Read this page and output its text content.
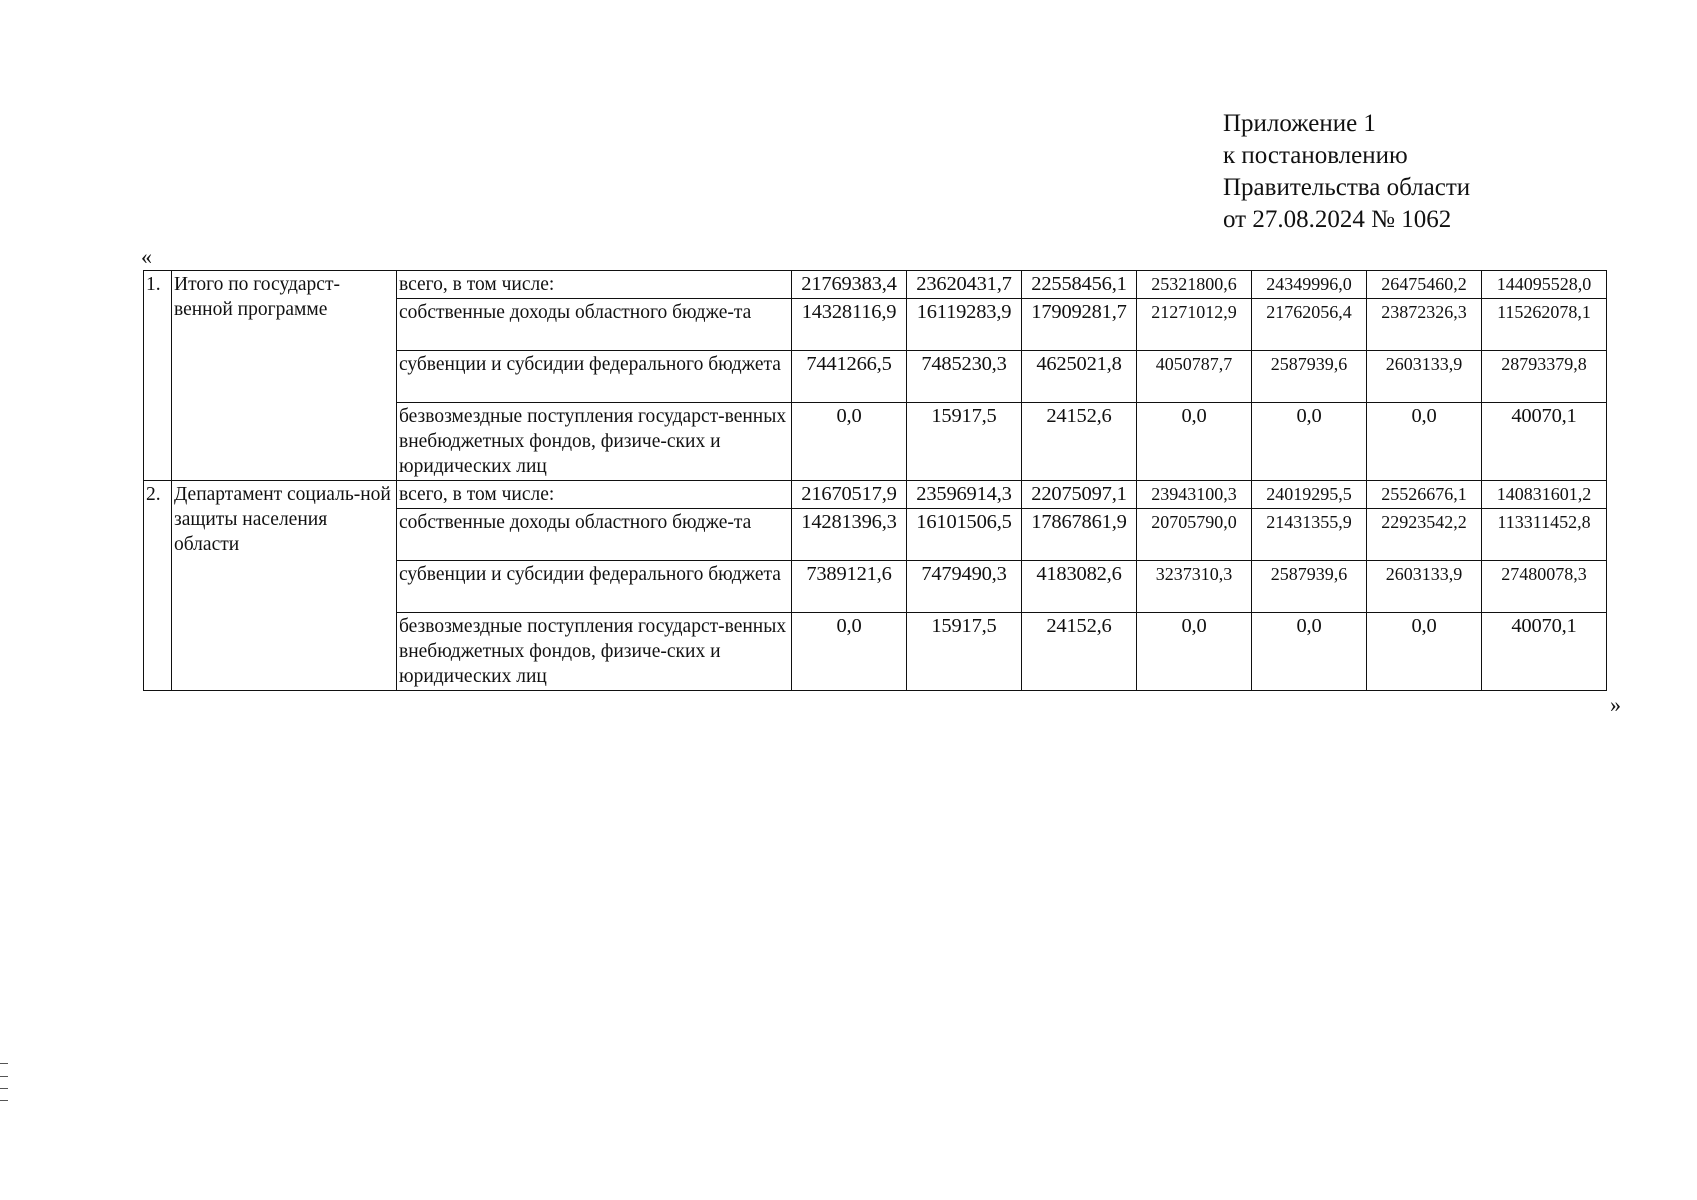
Приложение 1
к постановлению
Правительства области
от 27.08.2024 № 1062
«
1.	Итого по государст-венной программе	всего, в том числе:	21769383,4	23620431,7	22558456,1	25321800,6	24349996,0	26475460,2	144095528,0
		собственные доходы областного бюдже-та	14328116,9	16119283,9	17909281,7	21271012,9	21762056,4	23872326,3	115262078,1
		субвенции и субсидии федерального бюджета	7441266,5	7485230,3	4625021,8	4050787,7	2587939,6	2603133,9	28793379,8
		безвозмездные поступления государст-венных внебюджетных фондов, физиче-ских и юридических лиц	0,0	15917,5	24152,6	0,0	0,0	0,0	40070,1
2.	Департамент социаль-ной защиты населения области	всего, в том числе:	21670517,9	23596914,3	22075097,1	23943100,3	24019295,5	25526676,1	140831601,2
		собственные доходы областного бюдже-та	14281396,3	16101506,5	17867861,9	20705790,0	21431355,9	22923542,2	113311452,8
		субвенции и субсидии федерального бюджета	7389121,6	7479490,3	4183082,6	3237310,3	2587939,6	2603133,9	27480078,3
		безвозмездные поступления государст-венных внебюджетных фондов, физиче-ских и юридических лиц	0,0	15917,5	24152,6	0,0	0,0	0,0	40070,1
»
